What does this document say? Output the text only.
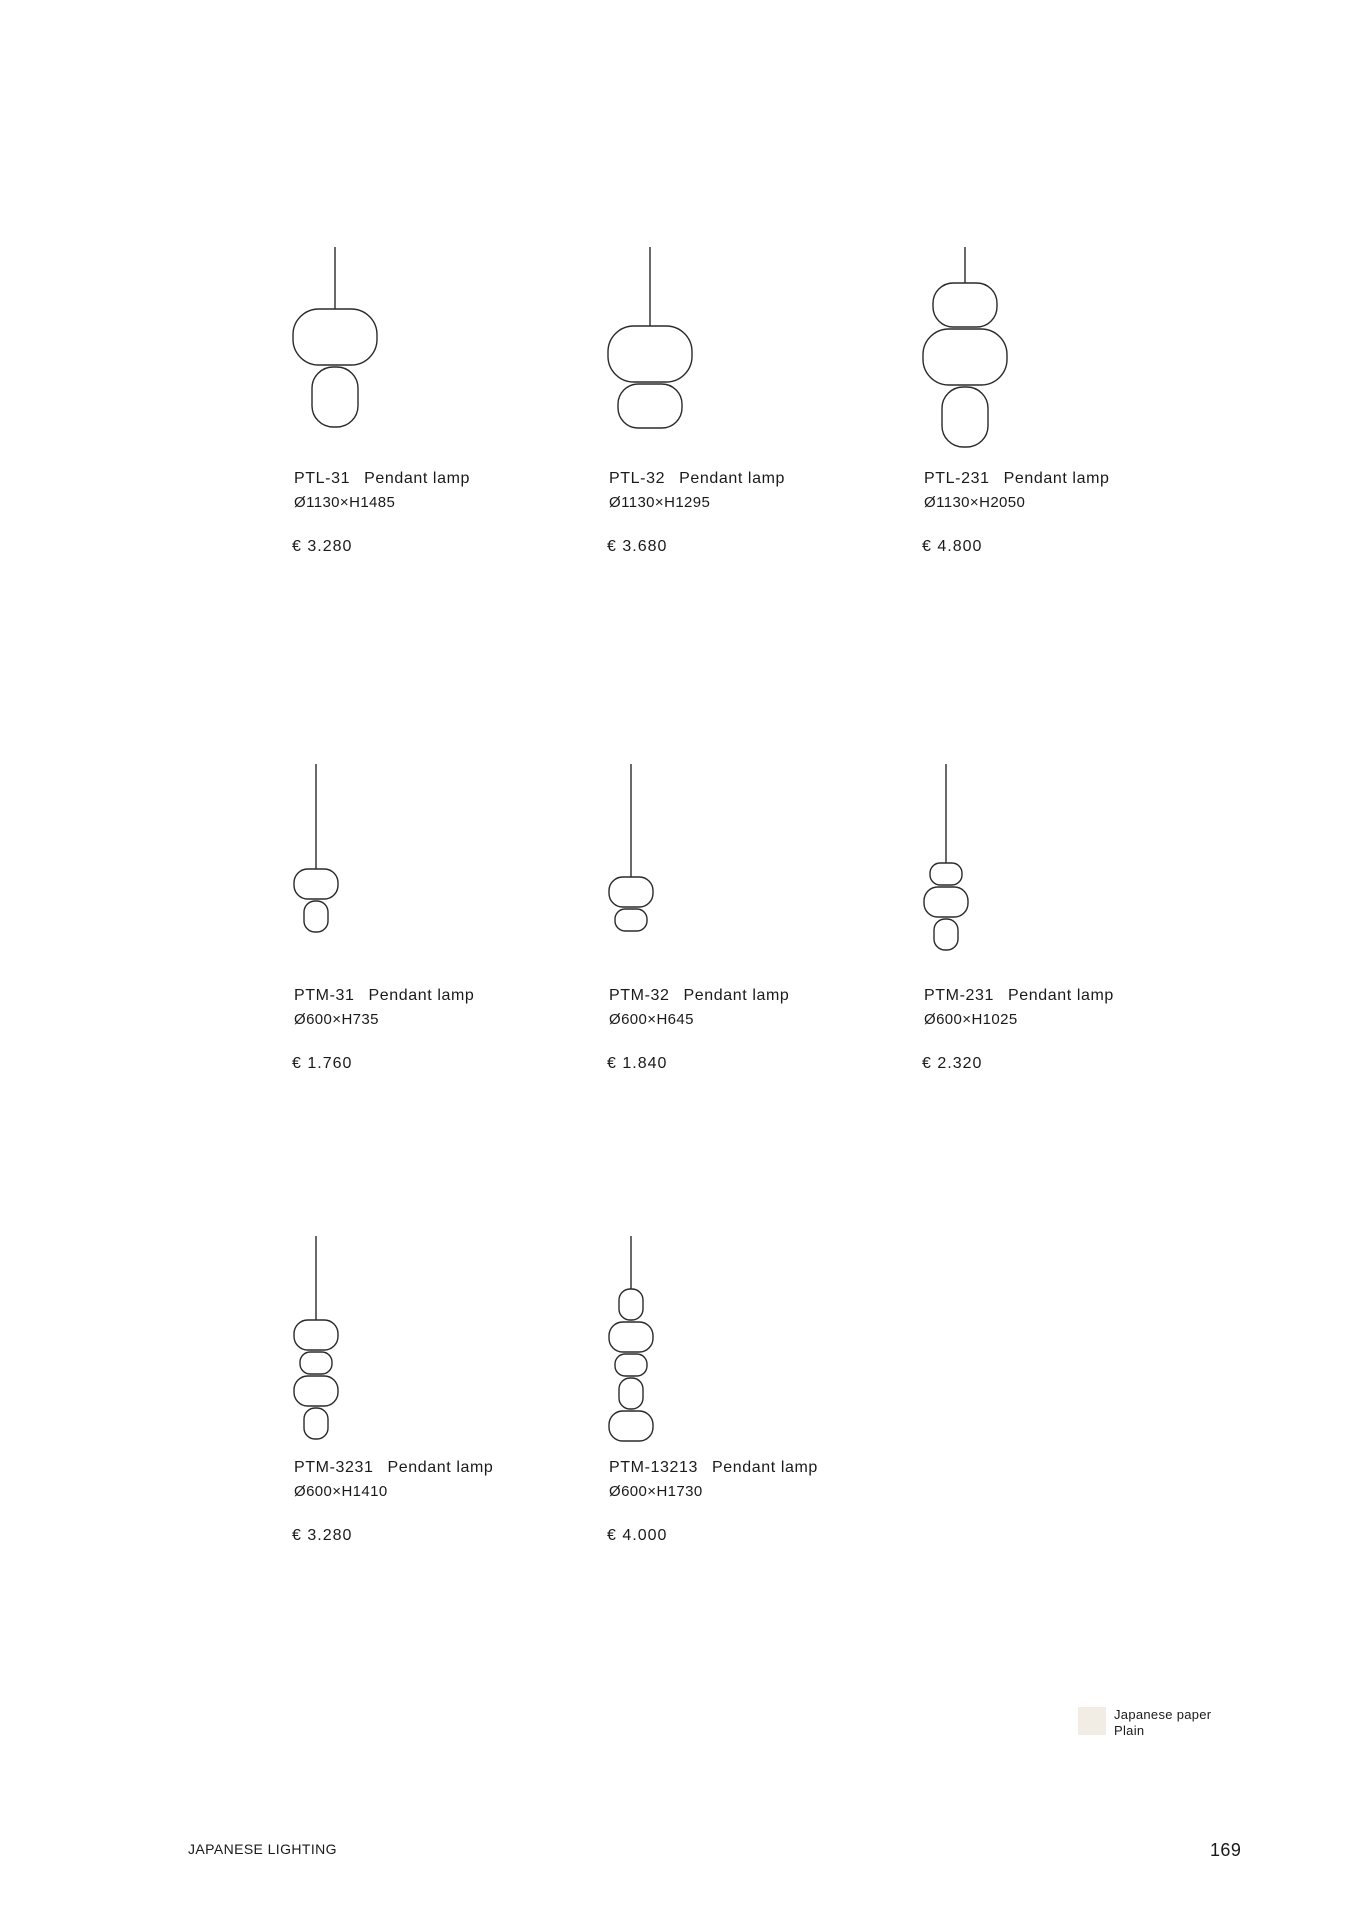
PTL-31 Pendant lamp
Ø1130×H1485
€ 3.280
PTL-32 Pendant lamp
Ø1130×H1295
€ 3.680
PTL-231 Pendant lamp
Ø1130×H2050
€ 4.800
PTM-31 Pendant lamp
Ø600×H735
€ 1.760
PTM-32 Pendant lamp
Ø600×H645
€ 1.840
PTM-231 Pendant lamp
Ø600×H1025
€ 2.320
PTM-3231 Pendant lamp
Ø600×H1410
€ 3.280
PTM-13213 Pendant lamp
Ø600×H1730
€ 4.000
Japanese paper
Plain
JAPANESE LIGHTING	169
